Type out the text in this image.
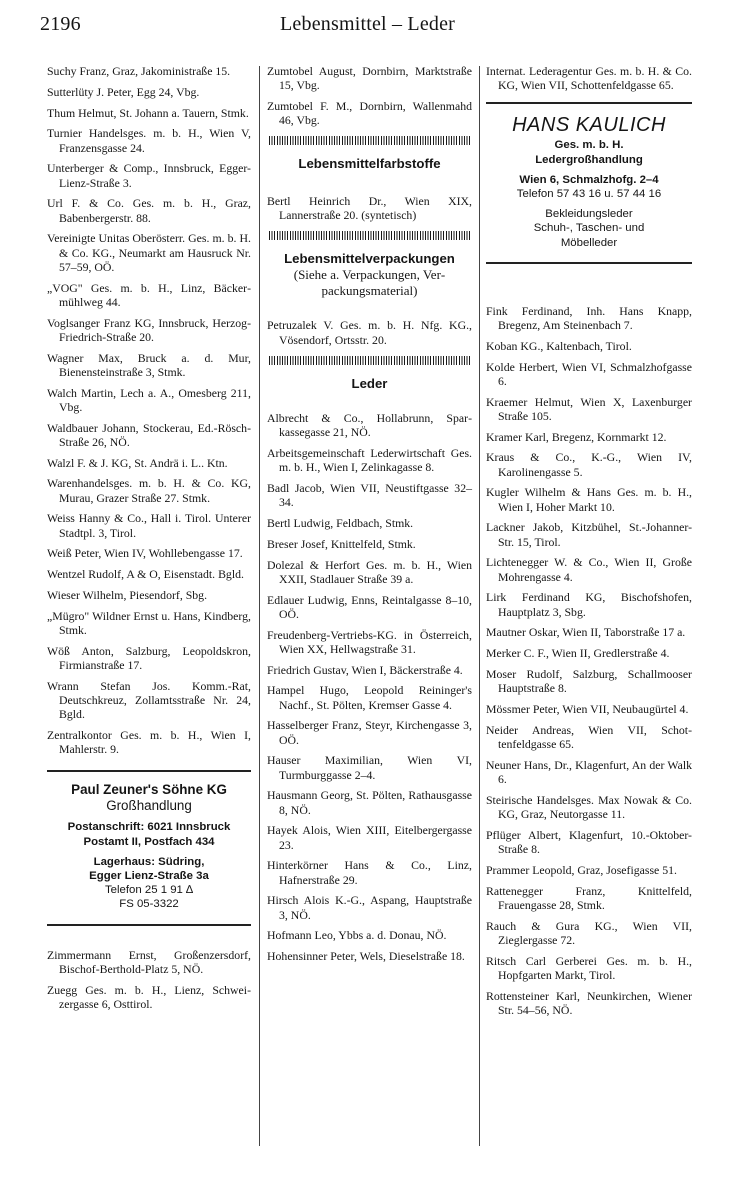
2196	Lebensmittel – Leder
Suchy Franz, Graz, Jakoministraße 15.
Sutterlüty J. Peter, Egg 24, Vbg.
Thum Helmut, St. Johann a. Tauern, Stmk.
Turnier Handelsges. m. b. H., Wien V, Franzensgasse 24.
Unterberger & Comp., Innsbruck, Egger-Lienz-Straße 3.
Url F. & Co. Ges. m. b. H., Graz, Babenbergerstr. 88.
Vereinigte Unitas Oberösterr. Ges. m. b. H. & Co. KG., Neumarkt am Hausruck Nr. 57–59, OÖ.
„VOG" Ges. m. b. H., Linz, Bäckermühlweg 44.
Voglsanger Franz KG, Innsbruck, Herzog-Friedrich-Straße 20.
Wagner Max, Bruck a. d. Mur, Bienensteinstraße 3, Stmk.
Walch Martin, Lech a. A., Omesberg 211, Vbg.
Waldbauer Johann, Stockerau, Ed.-Rösch-Straße 26, NÖ.
Walzl F. & J. KG, St. Andrä i. L.. Ktn.
Warenhandelsges. m. b. H. & Co. KG, Murau, Grazer Straße 27. Stmk.
Weiss Hanny & Co., Hall i. Tirol. Unterer Stadtpl. 3, Tirol.
Weiß Peter, Wien IV, Wohllebengasse 17.
Wentzel Rudolf, A & O, Eisenstadt. Bgld.
Wieser Wilhelm, Piesendorf, Sbg.
„Mügro" Wildner Ernst u. Hans, Kindberg, Stmk.
Wöß Anton, Salzburg, Leopoldskron, Firmianstraße 17.
Wrann Stefan Jos. Komm.-Rat, Deutschkreuz, Zollamtsstraße Nr. 24, Bgld.
Zentralkontor Ges. m. b. H., Wien I, Mahlerstr. 9.
Paul Zeuner's Söhne KG
Großhandlung
Postanschrift: 6021 Innsbruck
Postamt II, Postfach 434
Lagerhaus: Südring,
Egger Lienz-Straße 3a
Telefon 25 1 91 ∆
FS 05-3322
Zimmermann Ernst, Großenzersdorf, Bischof-Berthold-Platz 5, NÖ.
Zuegg Ges. m. b. H., Lienz, Schweizergasse 6, Osttirol.
Zumtobel August, Dornbirn, Marktstraße 15, Vbg.
Zumtobel F. M., Dornbirn, Wallenmahd 46, Vbg.
Lebensmittelfarbstoffe
Bertl Heinrich Dr., Wien XIX, Lannerstraße 20. (syntetisch)
Lebensmittelverpackungen
(Siehe a. Verpackungen, Verpackungsmaterial)
Petruzalek V. Ges. m. b. H. Nfg. KG., Vösendorf, Ortsstr. 20.
Leder
Albrecht & Co., Hollabrunn, Sparkassegasse 21, NÖ.
Arbeitsgemeinschaft Lederwirtschaft Ges. m. b. H., Wien I, Zelinkagasse 8.
Badl Jacob, Wien VII, Neustiftgasse 32–34.
Bertl Ludwig, Feldbach, Stmk.
Breser Josef, Knittelfeld, Stmk.
Dolezal & Herfort Ges. m. b. H., Wien XXII, Stadlauer Straße 39 a.
Edlauer Ludwig, Enns, Reintalgasse 8–10, OÖ.
Freudenberg-Vertriebs-KG. in Österreich, Wien XX, Hellwagstraße 31.
Friedrich Gustav, Wien I, Bäckerstraße 4.
Hampel Hugo, Leopold Reininger's Nachf., St. Pölten, Kremser Gasse 4.
Hasselberger Franz, Steyr, Kirchengasse 3, OÖ.
Hauser Maximilian, Wien VI, Turmburggasse 2–4.
Hausmann Georg, St. Pölten, Rathausgasse 8, NÖ.
Hayek Alois, Wien XIII, Eitelbergergasse 23.
Hinterkörner Hans & Co., Linz, Hafnerstraße 29.
Hirsch Alois K.-G., Aspang, Hauptstraße 3, NÖ.
Hofmann Leo, Ybbs a. d. Donau, NÖ.
Hohensinner Peter, Wels, Dieselstraße 18.
Internat. Lederagentur Ges. m. b. H. & Co. KG, Wien VII, Schottenfeldgasse 65.
HANS KAULICH
Ges. m. b. H.
Ledergroßhandlung
Wien 6, Schmalzhofg. 2–4
Telefon 57 43 16 u. 57 44 16
Bekleidungsleder
Schuh-, Taschen- und
Möbelleder
Fink Ferdinand, Inh. Hans Knapp, Bregenz, Am Steinenbach 7.
Koban KG., Kaltenbach, Tirol.
Kolde Herbert, Wien VI, Schmalzhofgasse 6.
Kraemer Helmut, Wien X, Laxenburger Straße 105.
Kramer Karl, Bregenz, Kornmarkt 12.
Kraus & Co., K.-G., Wien IV, Karolinengasse 5.
Kugler Wilhelm & Hans Ges. m. b. H., Wien I, Hoher Markt 10.
Lackner Jakob, Kitzbühel, St.-Johanner-Str. 15, Tirol.
Lichtenegger W. & Co., Wien II, Große Mohrengasse 4.
Lirk Ferdinand KG, Bischofshofen, Hauptplatz 3, Sbg.
Mautner Oskar, Wien II, Taborstraße 17 a.
Merker C. F., Wien II, Gredlerstraße 4.
Moser Rudolf, Salzburg, Schallmooser Hauptstraße 8.
Mössmer Peter, Wien VII, Neubaugürtel 4.
Neider Andreas, Wien VII, Schottenfeldgasse 65.
Neuner Hans, Dr., Klagenfurt, An der Walk 6.
Steirische Handelsges. Max Nowak & Co. KG, Graz, Neutorgasse 11.
Pflüger Albert, Klagenfurt, 10.-Oktober-Straße 8.
Prammer Leopold, Graz, Josefigasse 51.
Rattenegger Franz, Knittelfeld, Frauengasse 28, Stmk.
Rauch & Gura KG., Wien VII, Zieglergasse 72.
Ritsch Carl Gerberei Ges. m. b. H., Hopfgarten Markt, Tirol.
Rottensteiner Karl, Neunkirchen, Wiener Str. 54–56, NÖ.
